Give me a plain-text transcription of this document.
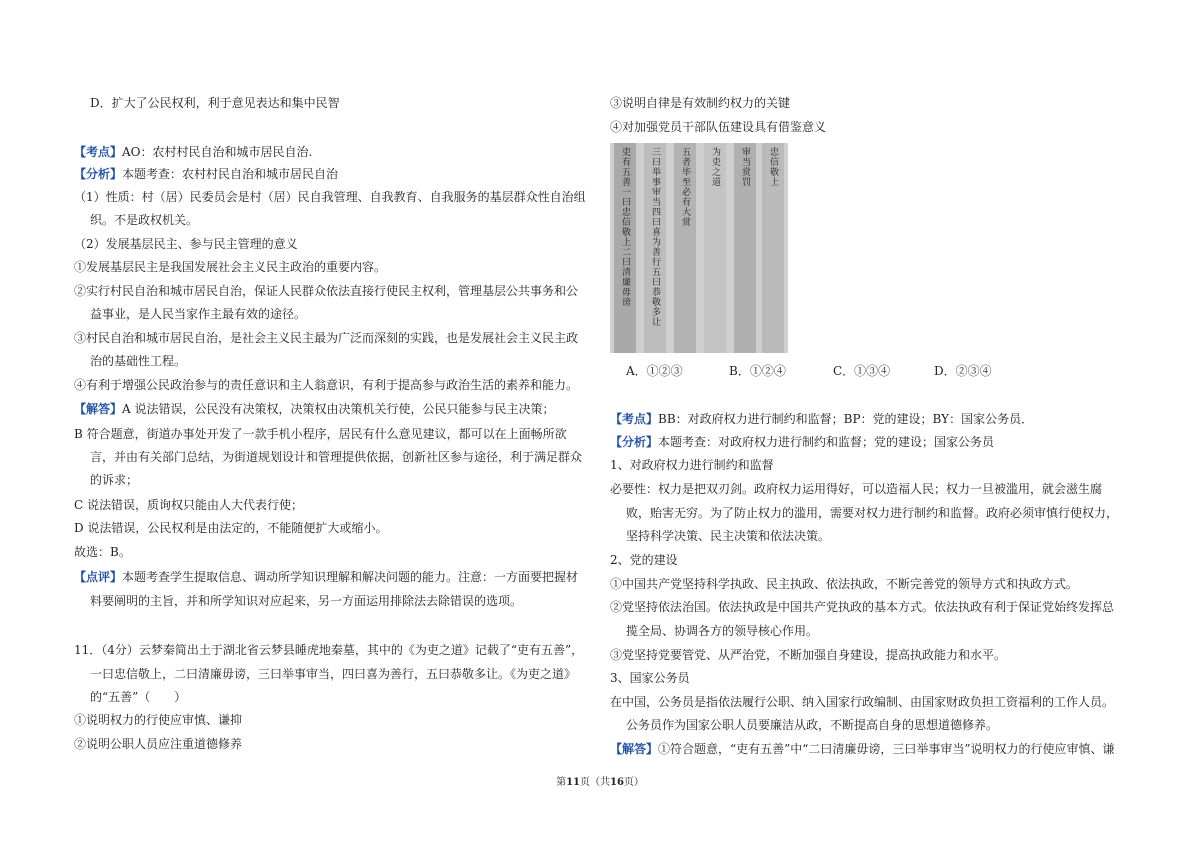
D．扩大了公民权利，利于意见表达和集中民智
【考点】AO：农村村民自治和城市居民自治.
【分析】本题考查：农村村民自治和城市居民自治
（1）性质：村（居）民委员会是村（居）民自我管理、自我教育、自我服务的基层群众性自治组
织。不是政权机关。
（2）发展基层民主、参与民主管理的意义
①发展基层民主是我国发展社会主义民主政治的重要内容。
②实行村民自治和城市居民自治，保证人民群众依法直接行使民主权利，管理基层公共事务和公
益事业，是人民当家作主最有效的途径。
③村民自治和城市居民自治，是社会主义民主最为广泛而深刻的实践，也是发展社会主义民主政
治的基础性工程。
④有利于增强公民政治参与的责任意识和主人翁意识，有利于提高参与政治生活的素养和能力。
【解答】A 说法错误，公民没有决策权，决策权由决策机关行使，公民只能参与民主决策；
B 符合题意，街道办事处开发了一款手机小程序，居民有什么意见建议，都可以在上面畅所欲
言，并由有关部门总结，为街道规划设计和管理提供依据，创新社区参与途径，利于满足群众
的诉求；
C 说法错误，质询权只能由人大代表行使；
D 说法错误，公民权利是由法定的，不能随便扩大或缩小。
故选：B。
【点评】本题考查学生提取信息、调动所学知识理解和解决问题的能力。注意：一方面要把握材
料要阐明的主旨，并和所学知识对应起来，另一方面运用排除法去除错误的选项。
11．（4分）云梦秦简出土于湖北省云梦县睡虎地秦墓，其中的《为吏之道》记载了“吏有五善”，
一曰忠信敬上，二曰清廉毋谤，三曰举事审当，四曰喜为善行，五曰恭敬多让。《为吏之道》
的“五善”（　　）
①说明权力的行使应审慎、谦抑
②说明公职人员应注重道德修养
③说明自律是有效制约权力的关键
④对加强党员干部队伍建设具有借鉴意义
【考点】BB：对政府权力进行制约和监督；BP：党的建设；BY：国家公务员．
【分析】本题考查：对政府权力进行制约和监督；党的建设；国家公务员
1、对政府权力进行制约和监督
必要性：权力是把双刃剑。政府权力运用得好，可以造福人民；权力一旦被滥用，就会滋生腐
败，贻害无穷。为了防止权力的滥用，需要对权力进行制约和监督。政府必须审慎行使权力，
坚持科学决策、民主决策和依法决策。
2、党的建设
①中国共产党坚持科学执政、民主执政、依法执政，不断完善党的领导方式和执政方式。
②党坚持依法治国。依法执政是中国共产党执政的基本方式。依法执政有利于保证党始终发挥总
揽全局、协调各方的领导核心作用。
③党坚持党要管党、从严治党，不断加强自身建设，提高执政能力和水平。
3、国家公务员
在中国，公务员是指依法履行公职、纳入国家行政编制、由国家财政负担工资福利的工作人员。
公务员作为国家公职人员要廉洁从政，不断提高自身的思想道德修养。
【解答】①符合题意，“吏有五善”中“二曰清廉毋谤，三曰举事审当”说明权力的行使应审慎、谦
吏有五善一曰忠信敬上二曰清廉毋谤 三曰举事审当四曰喜为善行五曰恭敬多让 五者毕至必有大赏 为吏之道 审当赏罚 忠信敬上
A．①②③	B．①②④	C．①③④	D．②③④
第11页（共16页）
